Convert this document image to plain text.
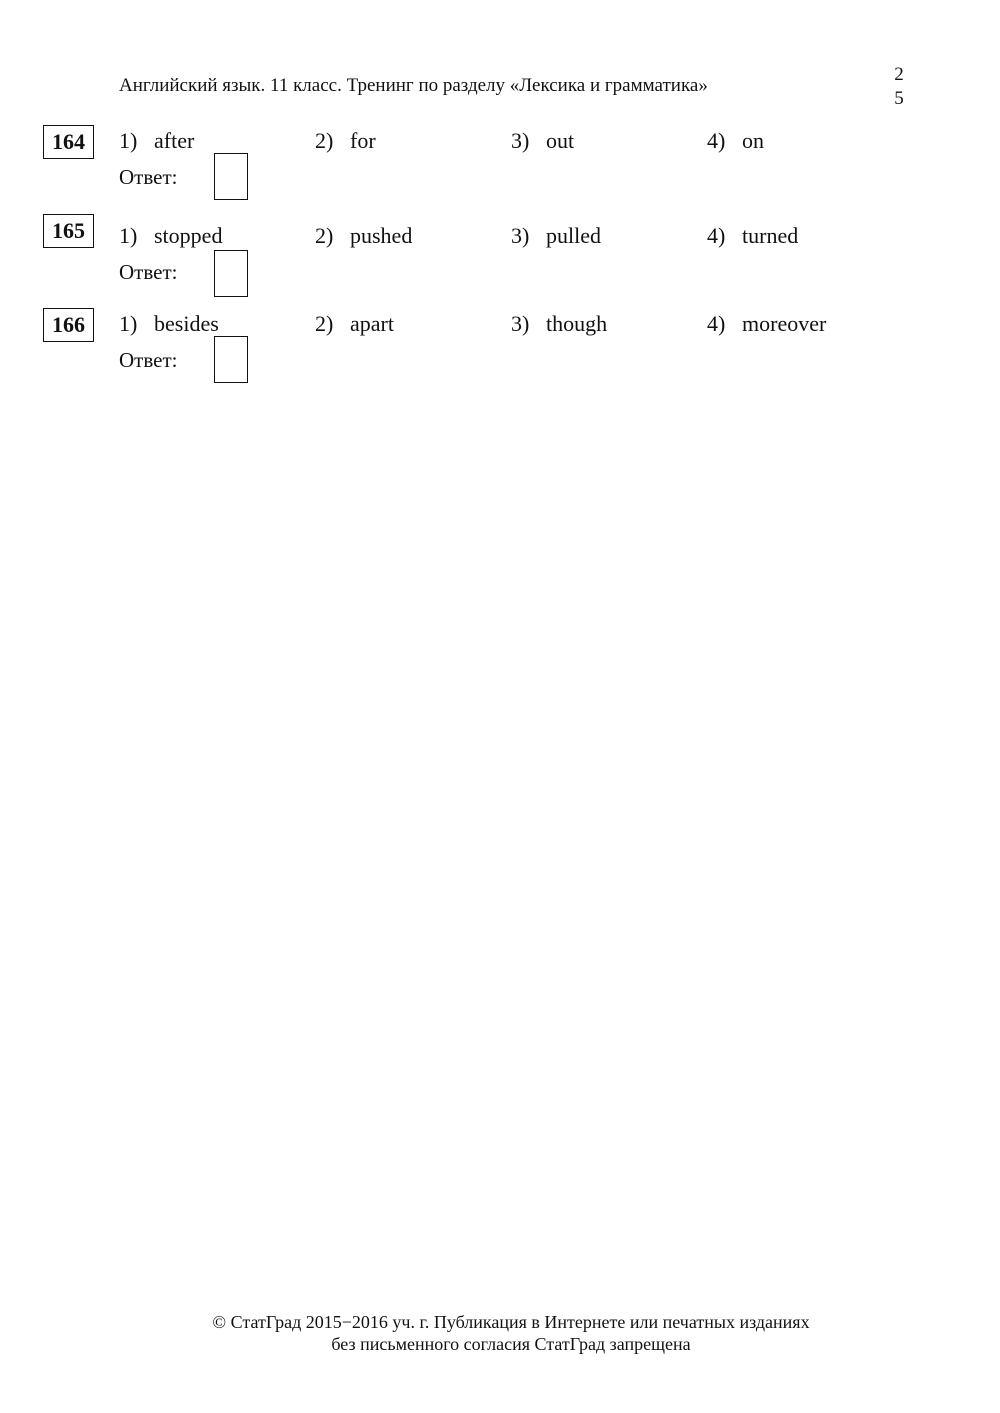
Английский язык. 11 класс. Тренинг по разделу «Лексика и грамматика»
2
5
164	1) after	2) for	3) out	4) on
Ответ:
165	1) stopped	2) pushed	3) pulled	4) turned
Ответ:
166	1) besides	2) apart	3) though	4) moreover
Ответ:
© СтатГрад 2015−2016 уч. г. Публикация в Интернете или печатных изданиях
без письменного согласия СтатГрад запрещена
